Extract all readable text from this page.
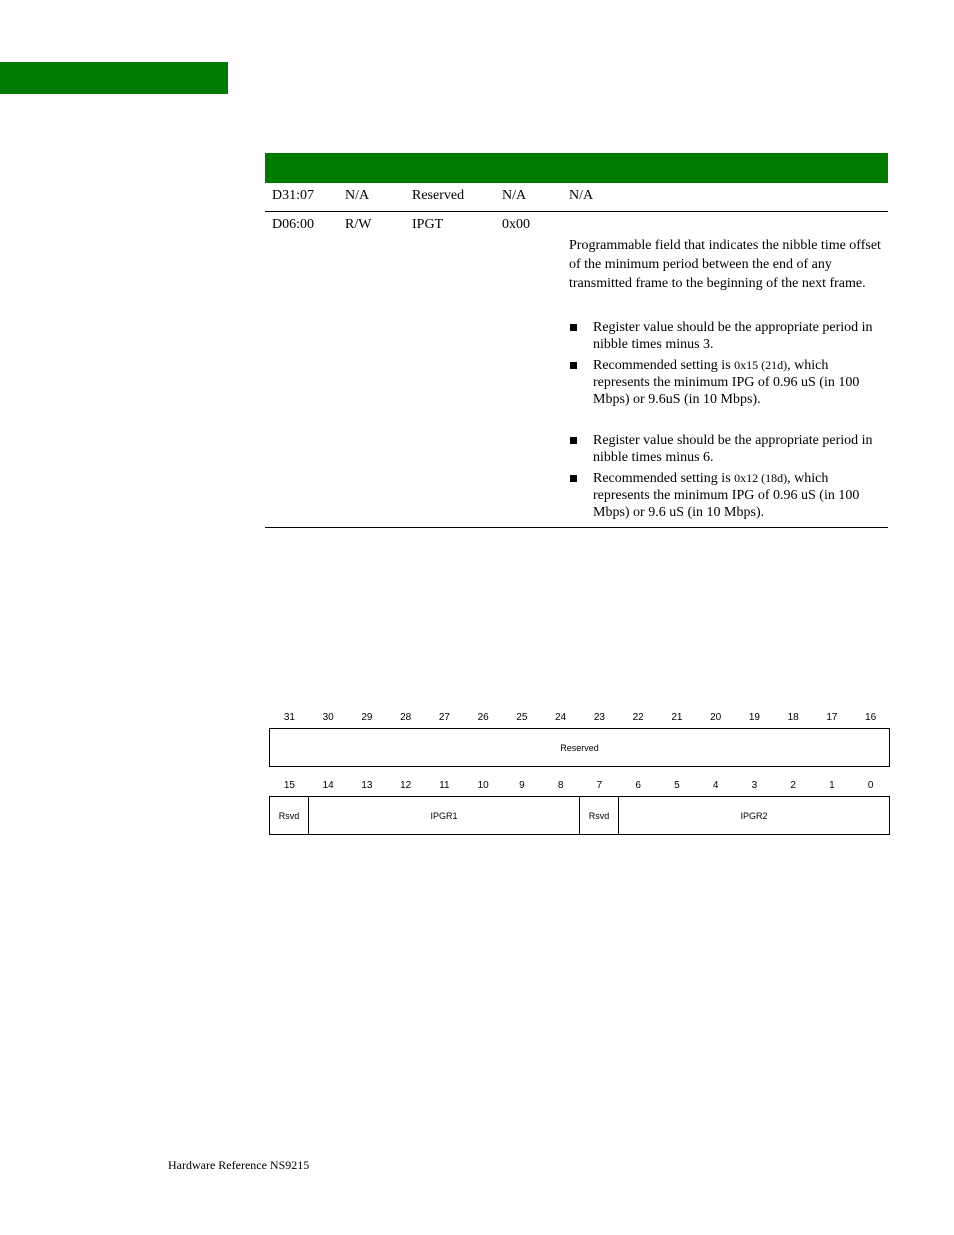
D31:07 N/A	Reserved	N/A	N/A
D06:00 R/W	IPGT	0x00
Programmable field that indicates the nibble time offset of the minimum period between the end of any transmitted frame to the beginning of the next frame.
Register value should be the appropriate period in nibble times minus 3.
Recommended setting is 0x15 (21d), which represents the minimum IPG of 0.96 uS (in 100 Mbps) or 9.6uS (in 10 Mbps).
Register value should be the appropriate period in nibble times minus 6.
Recommended setting is 0x12 (18d), which represents the minimum IPG of 0.96 uS (in 100 Mbps) or 9.6 uS (in 10 Mbps).
31	30	29	28	27	26	25	24	23	22	21	20	19	18	17	16
Reserved
15	14	13	12	11	10	9	8	7	6	5	4	3	2	1	0
Rsvd	IPGR1	Rsvd	IPGR2
Hardware Reference NS9215
